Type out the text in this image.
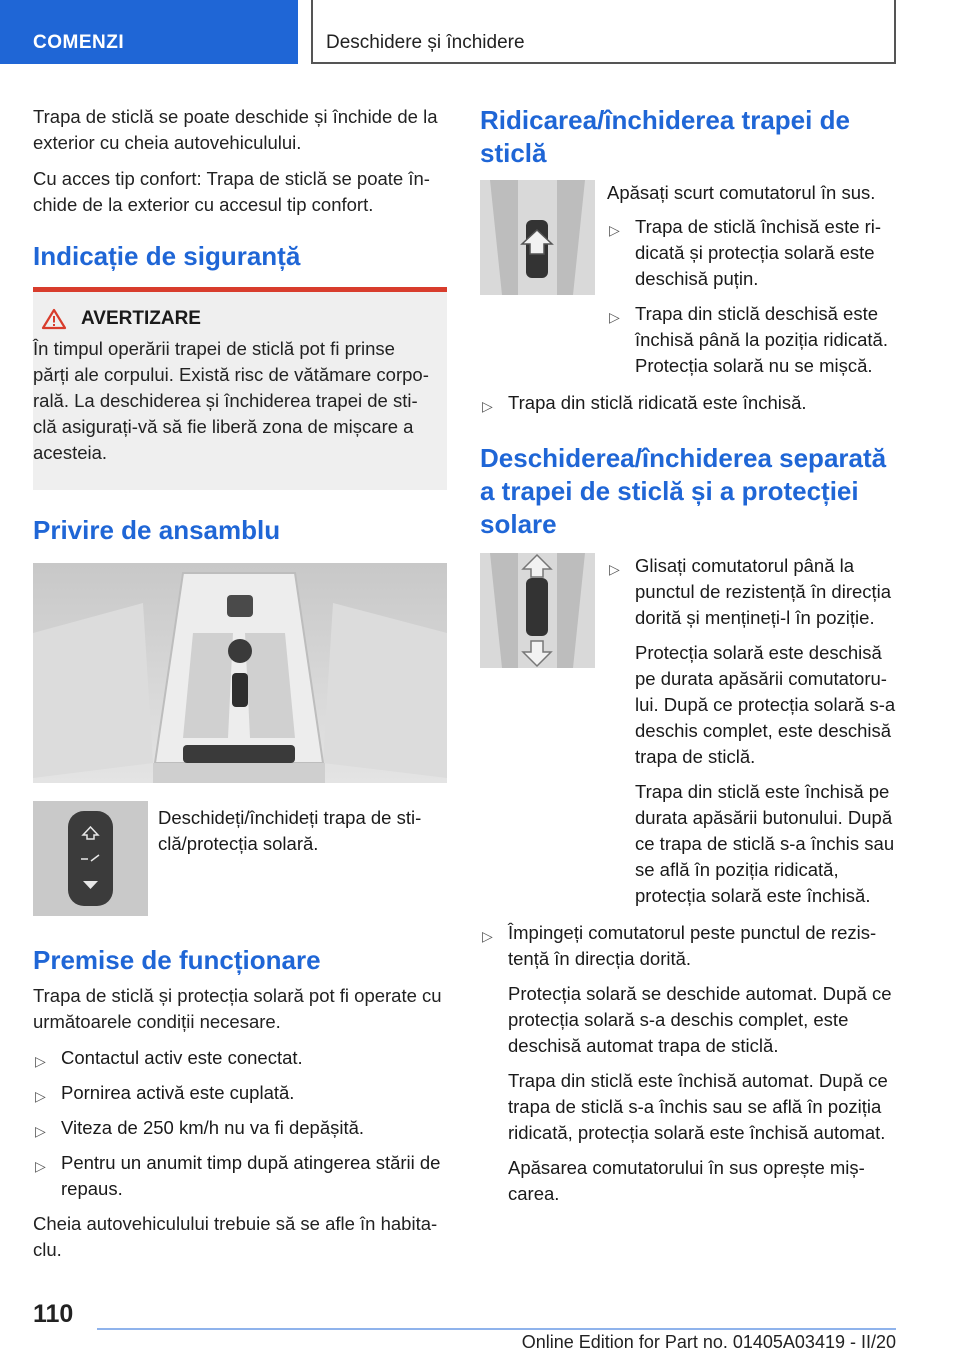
COMENZI	Deschidere și închidere

Trapa de sticlă se poate deschide și închide de la exterior cu cheia autovehiculului.

Cu acces tip confort: Trapa de sticlă se poate închide de la exterior cu accesul tip confort.

Indicație de siguranță
AVERTIZARE
În timpul operării trapei de sticlă pot fi prinse părți ale corpului. Există risc de vătămare corporală. La deschiderea și închiderea trapei de sticlă asigurați-vă să fie liberă zona de mișcare a acesteia.
Privire de ansamblu
Deschideți/închideți trapa de sticlă/protecția solară.
Premise de funcționare

Trapa de sticlă și protecția solară pot fi operate cu următoarele condiții necesare.

▷ Contactul activ este conectat.
▷ Pornirea activă este cuplată.
▷ Viteza de 250 km/h nu va fi depășită.
▷ Pentru un anumit timp după atingerea stării de repaus.

Cheia autovehiculului trebuie să se afle în habitaclu.

Ridicarea/închiderea trapei de sticlă
Apăsați scurt comutatorul în sus.
▷ Trapa de sticlă închisă este ridicată și protecția solară este deschisă puțin.
▷ Trapa din sticlă deschisă este închisă până la poziția ridicată. Protecția solară nu se mișcă.
▷ Trapa din sticlă ridicată este închisă.
Deschiderea/închiderea separată a trapei de sticlă și a protecției solare
▷ Glisați comutatorul până la punctul de rezistență în direcția dorită și mențineți-l în poziție.
Protecția solară este deschisă pe durata apăsării comutatorului. După ce protecția solară s-a deschis complet, este deschisă trapa de sticlă.
Trapa din sticlă este închisă pe durata apăsării butonului. După ce trapa de sticlă s-a închis sau se află în poziția ridicată, protecția solară este închisă.
▷ Împingeți comutatorul peste punctul de rezistență în direcția dorită.
Protecția solară se deschide automat. După ce protecția solară s-a deschis complet, este deschisă automat trapa de sticlă.
Trapa din sticlă este închisă automat. După ce trapa de sticlă s-a închis sau se află în poziția ridicată, protecția solară este închisă automat.
Apăsarea comutatorului în sus oprește mișcarea.
110
Online Edition for Part no. 01405A03419 - II/20
